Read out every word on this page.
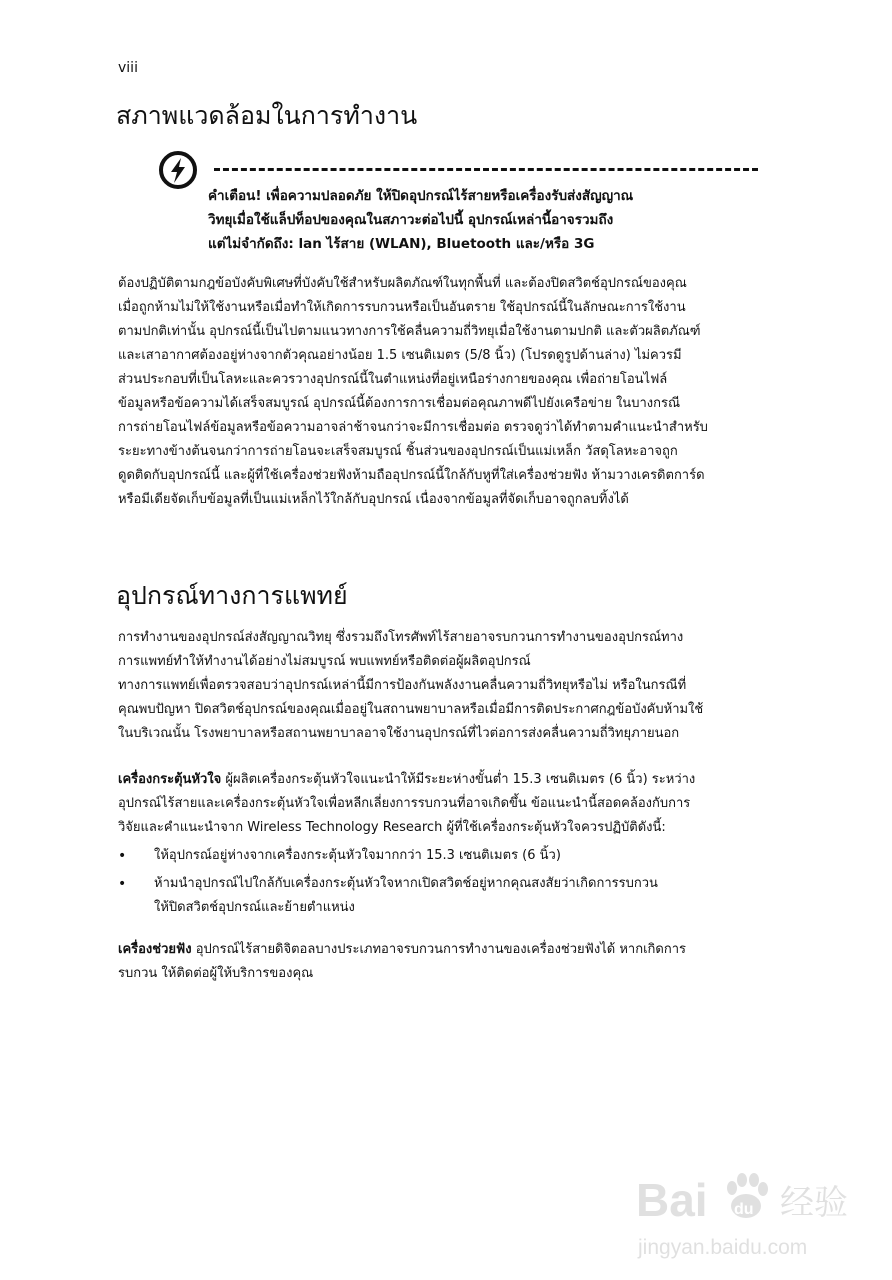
viii
สภาพแวดล้อมในการทำงาน
คำเตือน! เพื่อความปลอดภัย ให้ปิดอุปกรณ์ไร้สายหรือเครื่องรับส่งสัญญาณ
วิทยุเมื่อใช้แล็ปท็อปของคุณในสภาวะต่อไปนี้ อุปกรณ์เหล่านี้อาจรวมถึง
แต่ไม่จำกัดถึง: lan ไร้สาย (WLAN), Bluetooth และ/หรือ 3G
ต้องปฏิบัติตามกฎข้อบังคับพิเศษที่บังคับใช้สำหรับผลิตภัณฑ์ในทุกพื้นที่ และต้องปิดสวิตช์อุปกรณ์ของคุณ
เมื่อถูกห้ามไม่ให้ใช้งานหรือเมื่อทำให้เกิดการรบกวนหรือเป็นอันตราย ใช้อุปกรณ์นี้ในลักษณะการใช้งาน
ตามปกติเท่านั้น อุปกรณ์นี้เป็นไปตามแนวทางการใช้คลื่นความถี่วิทยุเมื่อใช้งานตามปกติ และตัวผลิตภัณฑ์
และเสาอากาศต้องอยู่ห่างจากตัวคุณอย่างน้อย 1.5 เซนติเมตร (5/8 นิ้ว) (โปรดดูรูปด้านล่าง) ไม่ควรมี
ส่วนประกอบที่เป็นโลหะและควรวางอุปกรณ์นี้ในตำแหน่งที่อยู่เหนือร่างกายของคุณ เพื่อถ่ายโอนไฟล์
ข้อมูลหรือข้อความได้เสร็จสมบูรณ์ อุปกรณ์นี้ต้องการการเชื่อมต่อคุณภาพดีไปยังเครือข่าย ในบางกรณี
การถ่ายโอนไฟล์ข้อมูลหรือข้อความอาจล่าช้าจนกว่าจะมีการเชื่อมต่อ ตรวจดูว่าได้ทำตามคำแนะนำสำหรับ
ระยะทางข้างต้นจนกว่าการถ่ายโอนจะเสร็จสมบูรณ์ ชิ้นส่วนของอุปกรณ์เป็นแม่เหล็ก วัสดุโลหะอาจถูก
ดูดติดกับอุปกรณ์นี้ และผู้ที่ใช้เครื่องช่วยฟังห้ามถืออุปกรณ์นี้ใกล้กับหูที่ใส่เครื่องช่วยฟัง ห้ามวางเครดิตการ์ด
หรือมีเดียจัดเก็บข้อมูลที่เป็นแม่เหล็กไว้ใกล้กับอุปกรณ์ เนื่องจากข้อมูลที่จัดเก็บอาจถูกลบทิ้งได้
อุปกรณ์ทางการแพทย์
การทำงานของอุปกรณ์ส่งสัญญาณวิทยุ ซึ่งรวมถึงโทรศัพท์ไร้สายอาจรบกวนการทำงานของอุปกรณ์ทาง
การแพทย์ทำให้ทำงานได้อย่างไม่สมบูรณ์ พบแพทย์หรือติดต่อผู้ผลิตอุปกรณ์
ทางการแพทย์เพื่อตรวจสอบว่าอุปกรณ์เหล่านี้มีการป้องกันพลังงานคลื่นความถี่วิทยุหรือไม่ หรือในกรณีที่
คุณพบปัญหา ปิดสวิตช์อุปกรณ์ของคุณเมื่ออยู่ในสถานพยาบาลหรือเมื่อมีการติดประกาศกฎข้อบังคับห้ามใช้
ในบริเวณนั้น โรงพยาบาลหรือสถานพยาบาลอาจใช้งานอุปกรณ์ที่ไวต่อการส่งคลื่นความถี่วิทยุภายนอก
เครื่องกระตุ้นหัวใจ ผู้ผลิตเครื่องกระตุ้นหัวใจแนะนำให้มีระยะห่างขั้นต่ำ 15.3 เซนติเมตร (6 นิ้ว) ระหว่าง
อุปกรณ์ไร้สายและเครื่องกระตุ้นหัวใจเพื่อหลีกเลี่ยงการรบกวนที่อาจเกิดขึ้น ข้อแนะนำนี้สอดคล้องกับการ
วิจัยและคำแนะนำจาก Wireless Technology Research ผู้ที่ใช้เครื่องกระตุ้นหัวใจควรปฏิบัติดังนี้:
• ให้อุปกรณ์อยู่ห่างจากเครื่องกระตุ้นหัวใจมากกว่า 15.3 เซนติเมตร (6 นิ้ว)
• ห้ามนำอุปกรณ์ไปใกล้กับเครื่องกระตุ้นหัวใจหากเปิดสวิตช์อยู่หากคุณสงสัยว่าเกิดการรบกวน
ให้ปิดสวิตช์อุปกรณ์และย้ายตำแหน่ง
เครื่องช่วยฟัง อุปกรณ์ไร้สายดิจิตอลบางประเภทอาจรบกวนการทำงานของเครื่องช่วยฟังได้ หากเกิดการ
รบกวน ให้ติดต่อผู้ให้บริการของคุณ
Bai du 经验
jingyan.baidu.com
